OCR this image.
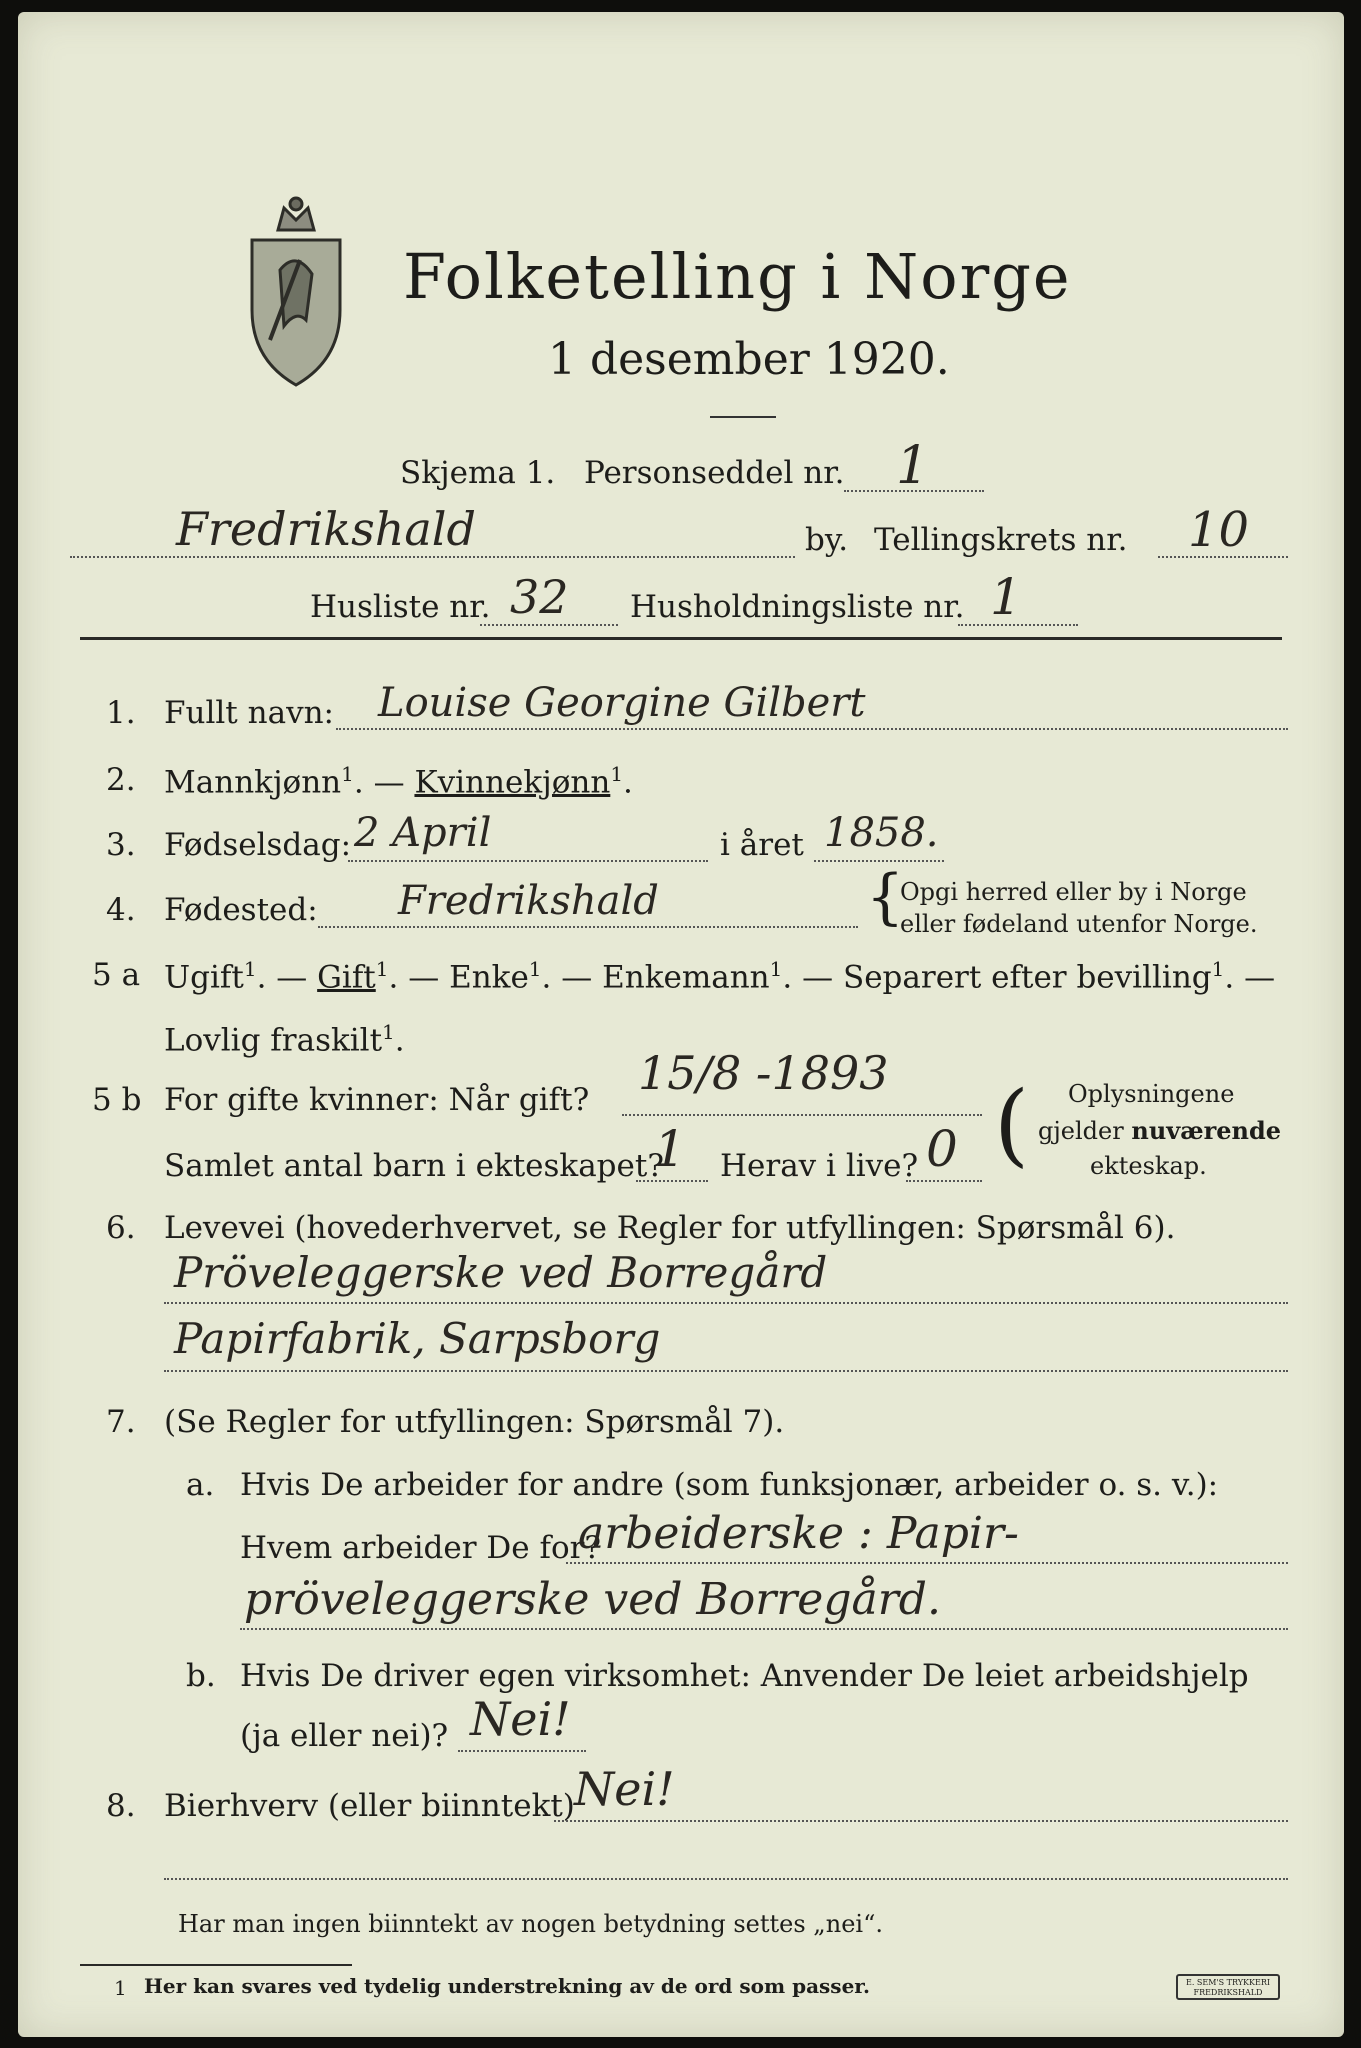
Folketelling i Norge
1 desember 1920.
Skjema 1. Personseddel nr. 1
Fredrikshald	by. Tellingskrets nr. 10
Husliste nr. 32 Husholdningsliste nr. 1
1. Fullt navn: Louise Georgine Gilbert
2. Mannkjønn$^1$. — Kvinnekjønn$^1$.
3. Fødselsdag: 2 April	i året 1858.
4. Fødested: Fredrikshald	{
Opgi herred eller by i Norge
eller fødeland utenfor Norge.
5 a Ugift$^1$. — Gift$^1$. — Enke$^1$. — Enkemann$^1$. — Separert efter bevilling$^1$. —
Lovlig fraskilt$^1$.
5 b For gifte kvinner: Når gift? 15/8 -1893
Samlet antal barn i ekteskapet?
1 Herav i live? 0 ( Oplysningene
gjelder nuværende
ekteskap.
6. Levevei (hovederhvervet, se Regler for utfyllingen: Spørsmål 6).
Pröveleggerske ved Borregård
Papirfabrik, Sarpsborg
7. (Se Regler for utfyllingen: Spørsmål 7).
a. Hvis De arbeider for andre (som funksjonær, arbeider o. s. v.):
Hvem arbeider De for?
arbeiderske : Papir-
pröveleggerske ved Borregård.
b. Hvis De driver egen virksomhet: Anvender De leiet arbeidshjelp
(ja eller nei)? Nei!
8. Bierhverv (eller biinntekt) Nei!
Har man ingen biinntekt av nogen betydning settes „nei“.
1 Her kan svares ved tydelig understrekning av de ord som passer.	E. SEM'S TRYKKERI
FREDRIKSHALD
